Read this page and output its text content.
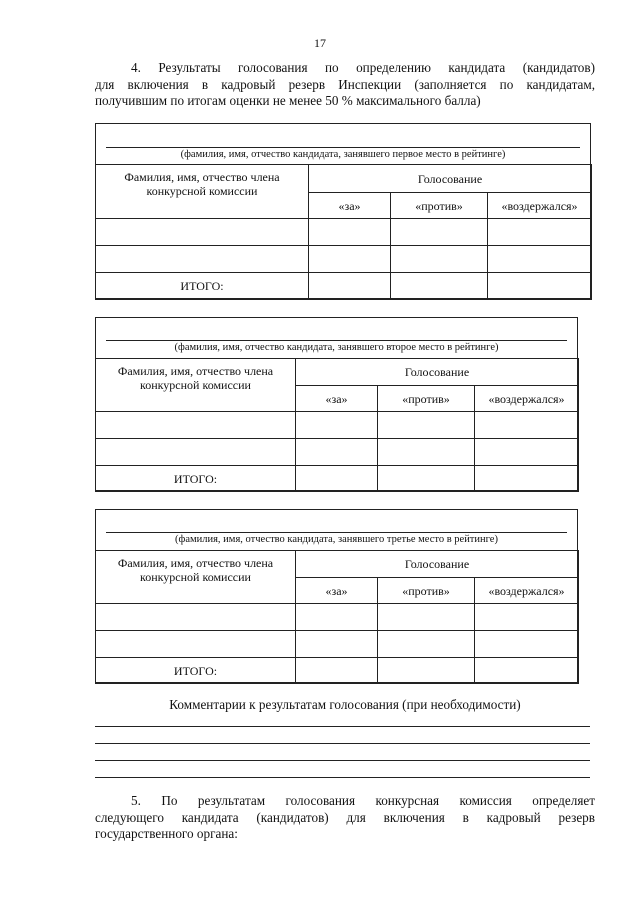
17
4. Результаты голосования по определению кандидата (кандидатов)
для включения в кадровый резерв Инспекции (заполняется по кандидатам,
получившим по итогам оценки не менее 50 % максимального балла)
(фамилия, имя, отчество кандидата, занявшего первое место в рейтинге)
Фамилия, имя, отчество члена конкурсной комиссии	Голосование		
	«за»	«против»	«воздержался»

ИТОГО:			
(фамилия, имя, отчество кандидата, занявшего второе место в рейтинге)
Фамилия, имя, отчество члена конкурсной комиссии	Голосование		
	«за»	«против»	«воздержался»

ИТОГО:			
(фамилия, имя, отчество кандидата, занявшего третье место в рейтинге)
Фамилия, имя, отчество члена конкурсной комиссии	Голосование		
	«за»	«против»	«воздержался»

ИТОГО:			
Комментарии к результатам голосования (при необходимости)
5. По результатам голосования конкурсная комиссия определяет
следующего кандидата (кандидатов) для включения в кадровый резерв
государственного органа:
